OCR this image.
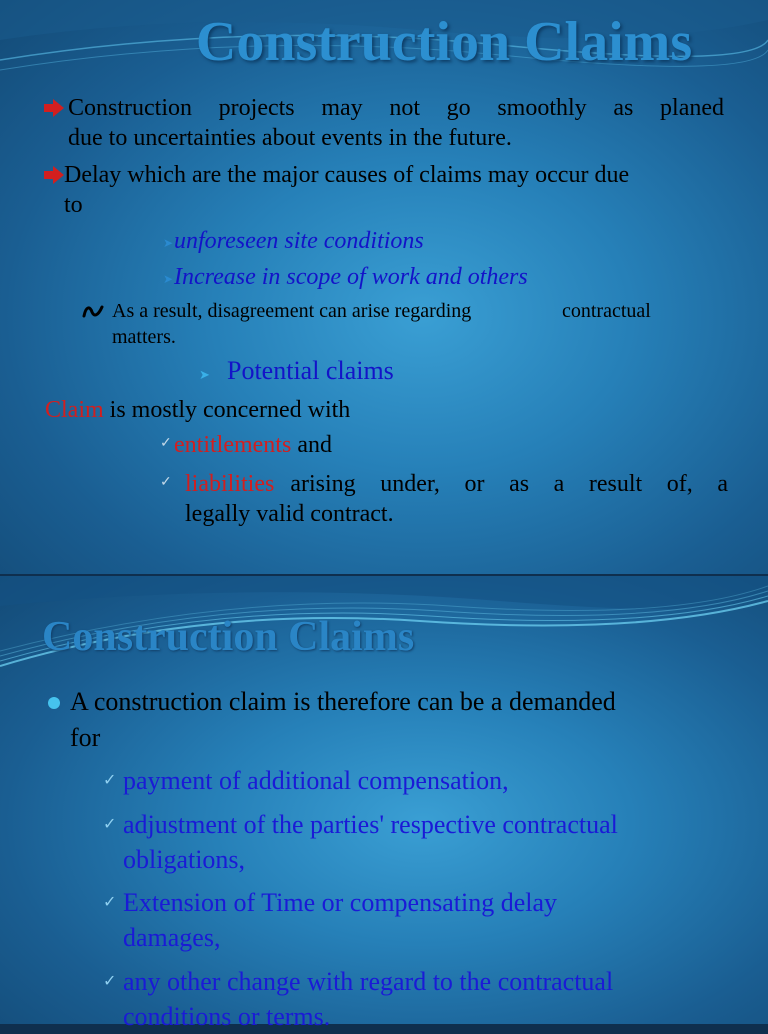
Construction Claims
Construction projects may not go smoothly as planed
due to uncertainties about events in the future.
Delay which are the major causes of claims may occur due
to
➤ unforeseen site conditions
➤ Increase in scope of work and others
As a result, disagreement can arise regarding	contractual
matters.
➤ Potential claims
Claim is mostly concerned with
✓ entitlements and
✓ liabilities arising under, or as a result of, a
legally valid contract.
Construction Claims
A construction claim is therefore can be a demanded
for
✓ payment of additional compensation,
✓ adjustment of the parties' respective contractual
obligations,
✓ Extension of Time or compensating delay
damages,
✓ any other change with regard to the contractual
conditions or terms.
